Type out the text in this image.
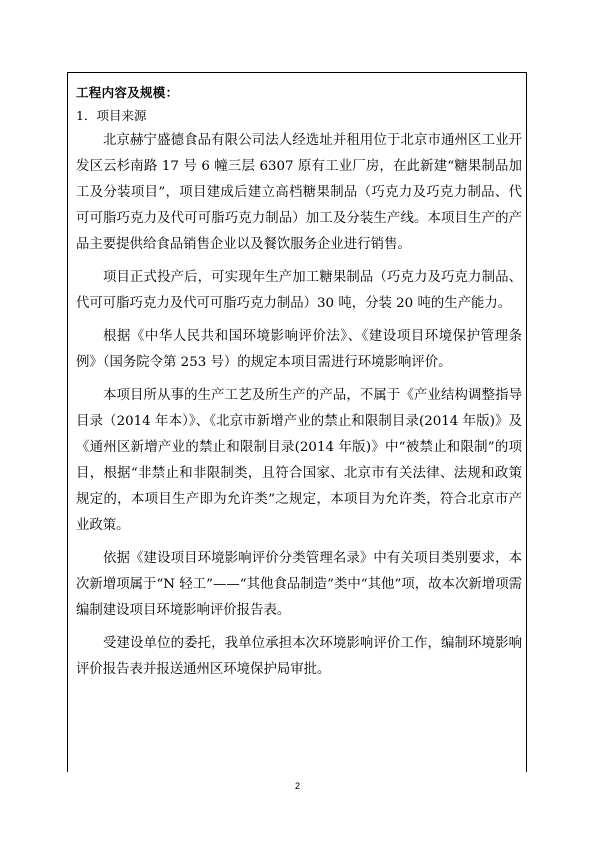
工程内容及规模：
1．项目来源

北京赫宁盛德食品有限公司法人经选址并租用位于北京市通州区工业开发区云杉南路 17 号 6 幢三层 6307 原有工业厂房，在此新建“糖果制品加工及分装项目”，项目建成后建立高档糖果制品（巧克力及巧克力制品、代可可脂巧克力及代可可脂巧克力制品）加工及分装生产线。本项目生产的产品主要提供给食品销售企业以及餐饮服务企业进行销售。

项目正式投产后，可实现年生产加工糖果制品（巧克力及巧克力制品、代可可脂巧克力及代可可脂巧克力制品）30 吨，分装 20 吨的生产能力。

根据《中华人民共和国环境影响评价法》、《建设项目环境保护管理条例》（国务院令第 253 号）的规定本项目需进行环境影响评价。

本项目所从事的生产工艺及所生产的产品，不属于《产业结构调整指导目录（2014 年本）》、《北京市新增产业的禁止和限制目录(2014 年版)》及《通州区新增产业的禁止和限制目录(2014 年版)》中“被禁止和限制”的项目，根据“非禁止和非限制类，且符合国家、北京市有关法律、法规和政策规定的，本项目生产即为允许类”之规定，本项目为允许类，符合北京市产业政策。

依据《建设项目环境影响评价分类管理名录》中有关项目类别要求，本次新增项属于“N 轻工”——“其他食品制造”类中“其他”项，故本次新增项需编制建设项目环境影响评价报告表。

受建设单位的委托，我单位承担本次环境影响评价工作，编制环境影响评价报告表并报送通州区环境保护局审批。

2
